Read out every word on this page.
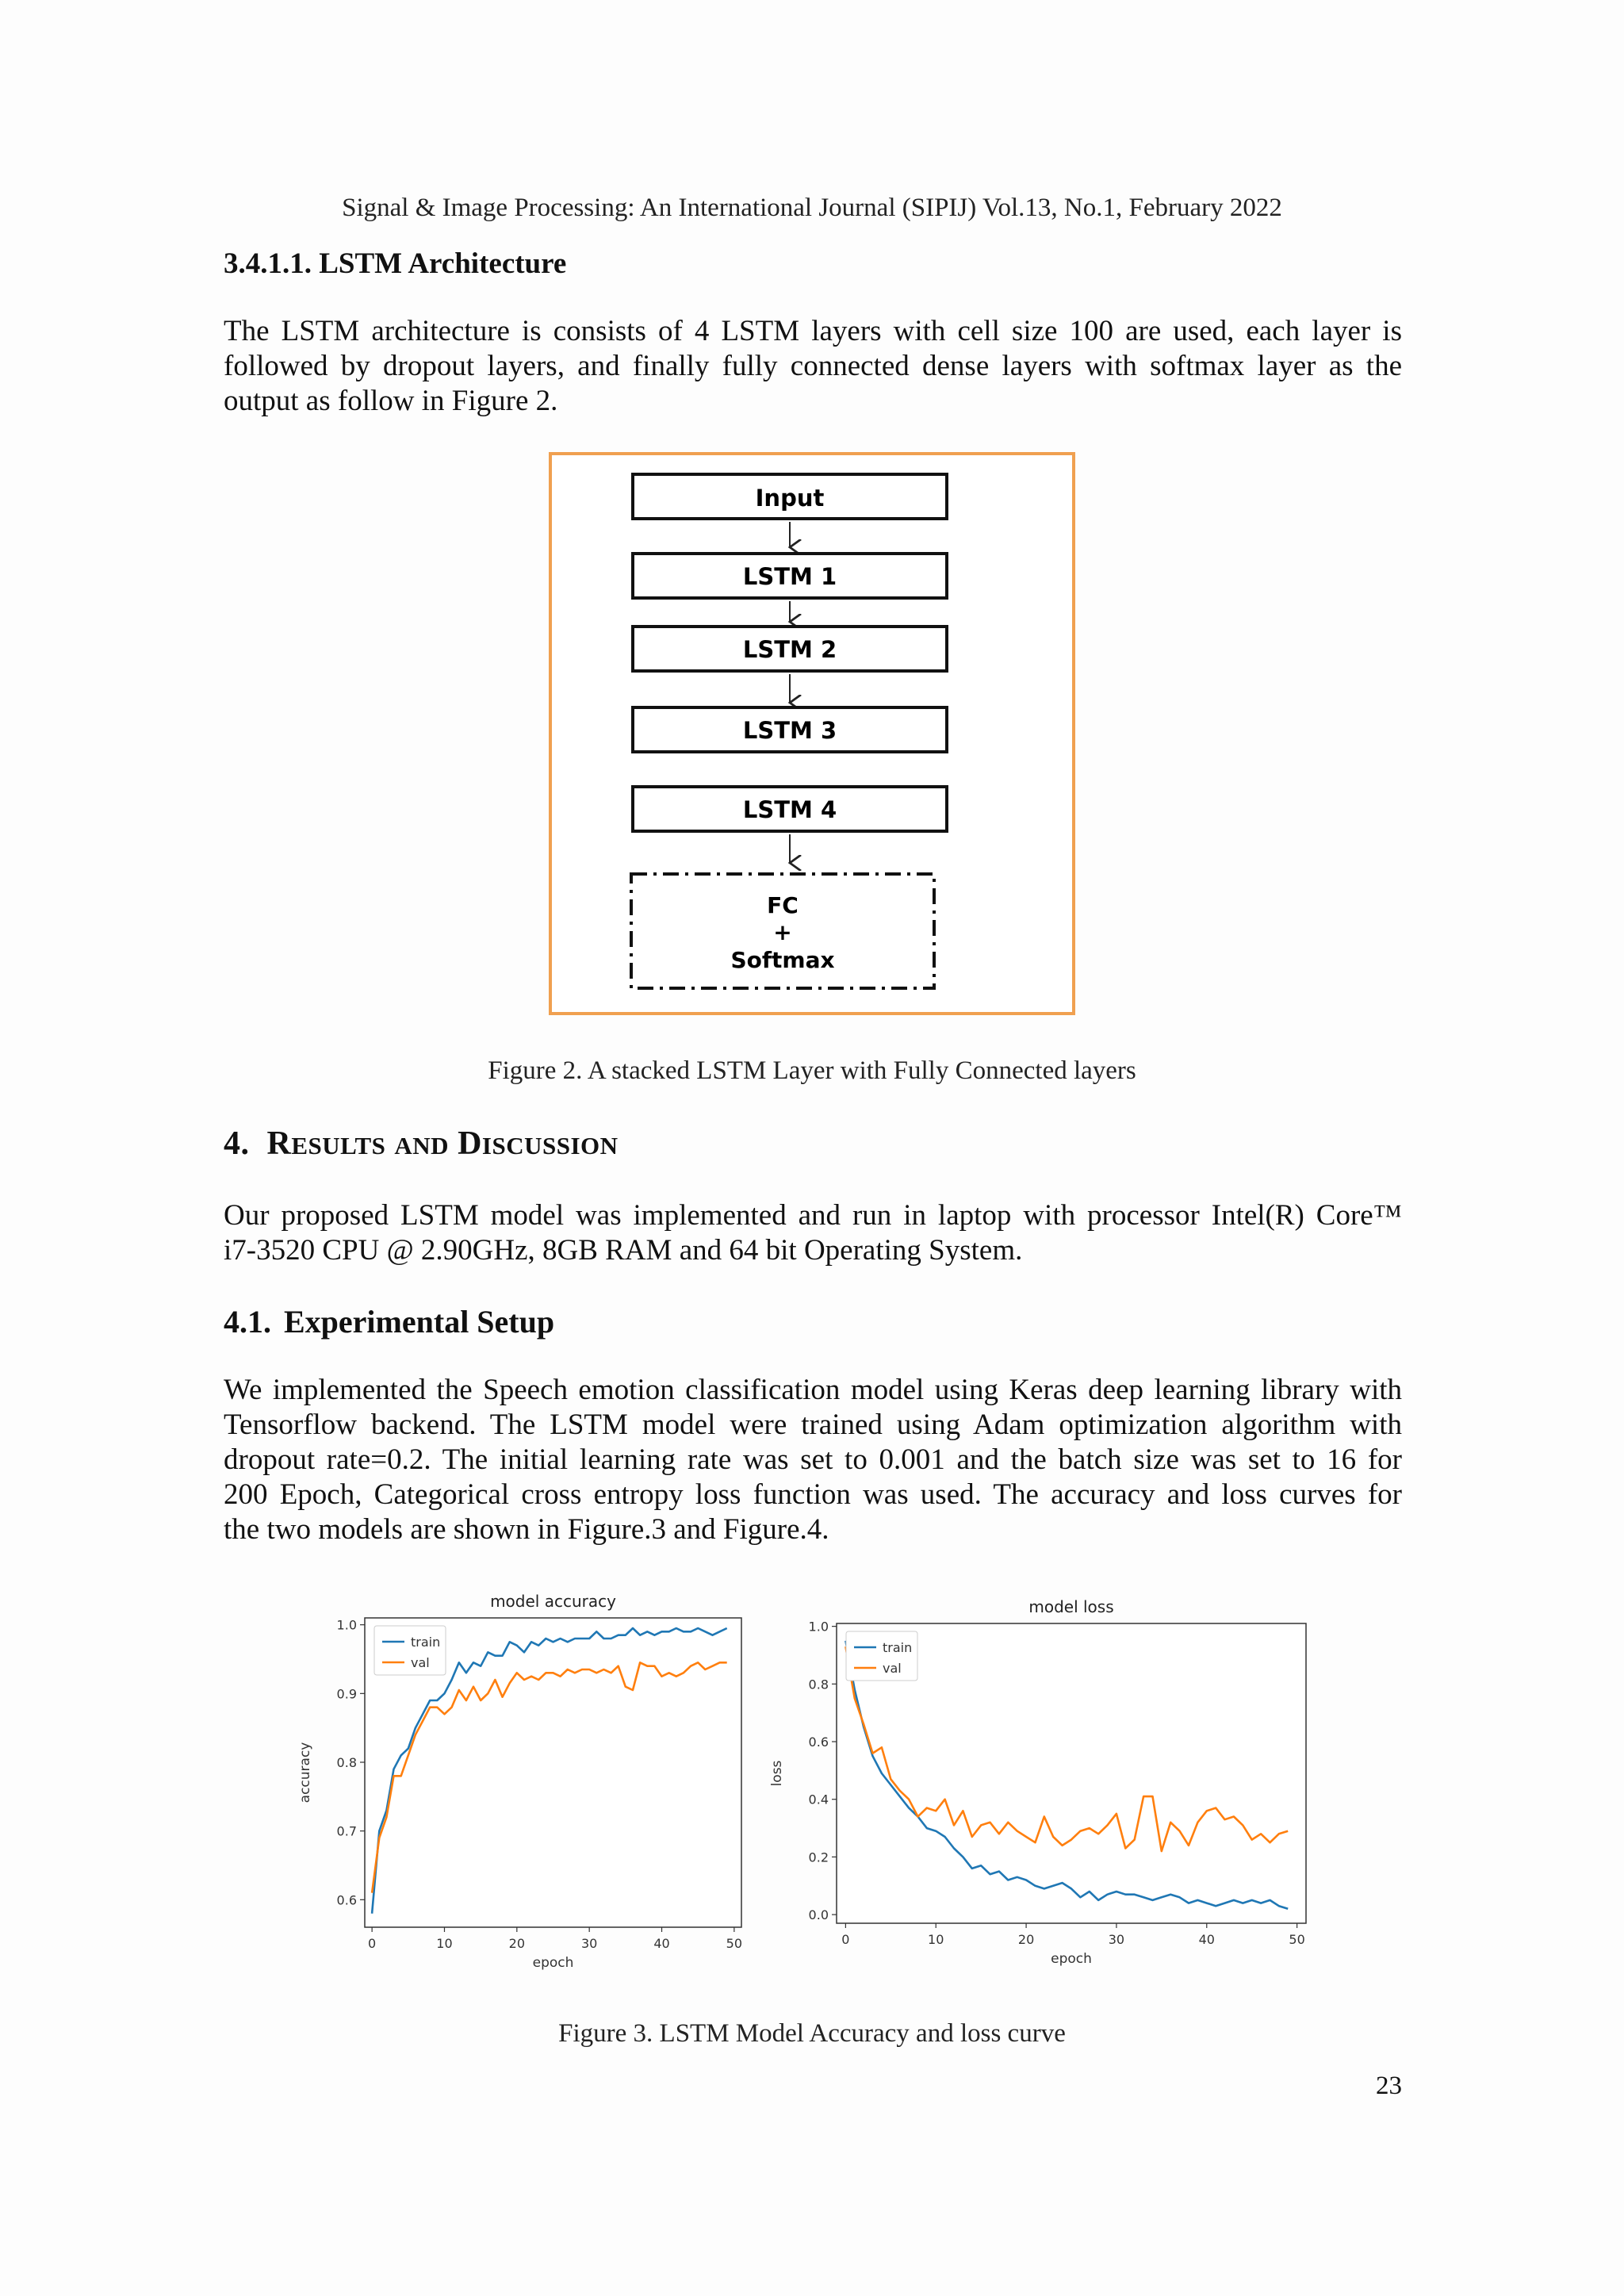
Signal & Image Processing: An International Journal (SIPIJ) Vol.13, No.1, February 2022
3.4.1.1. LSTM Architecture
The LSTM architecture is consists of 4 LSTM layers with cell size 100 are used, each layer is
followed by dropout layers, and finally fully connected dense layers with softmax layer as the
output as follow in Figure 2.
Input
LSTM 1
LSTM 2
LSTM 3
LSTM 4
FC
+
Softmax
Figure 2. A stacked LSTM Layer with Fully Connected layers
4. RESULTS AND DISCUSSION
Our proposed LSTM model was implemented and run in laptop with processor Intel(R) Core™
i7-3520 CPU @ 2.90GHz, 8GB RAM and 64 bit Operating System.
4.1. Experimental Setup
We implemented the Speech emotion classification model using Keras deep learning library with
Tensorflow backend. The LSTM model were trained using Adam optimization algorithm with
dropout rate=0.2. The initial learning rate was set to 0.001 and the batch size was set to 16 for
200 Epoch, Categorical cross entropy loss function was used. The accuracy and loss curves for
the two models are shown in Figure.3 and Figure.4.
model accuracy
0	10	20	30	40	50
0.6
0.7
0.8
0.9
1.0
epoch
accuracy
train
val
model loss
0	10	20	30	40	50
0.0
0.2
0.4
0.6
0.8
1.0
epoch
loss
train
val
Figure 3. LSTM Model Accuracy and loss curve
23
